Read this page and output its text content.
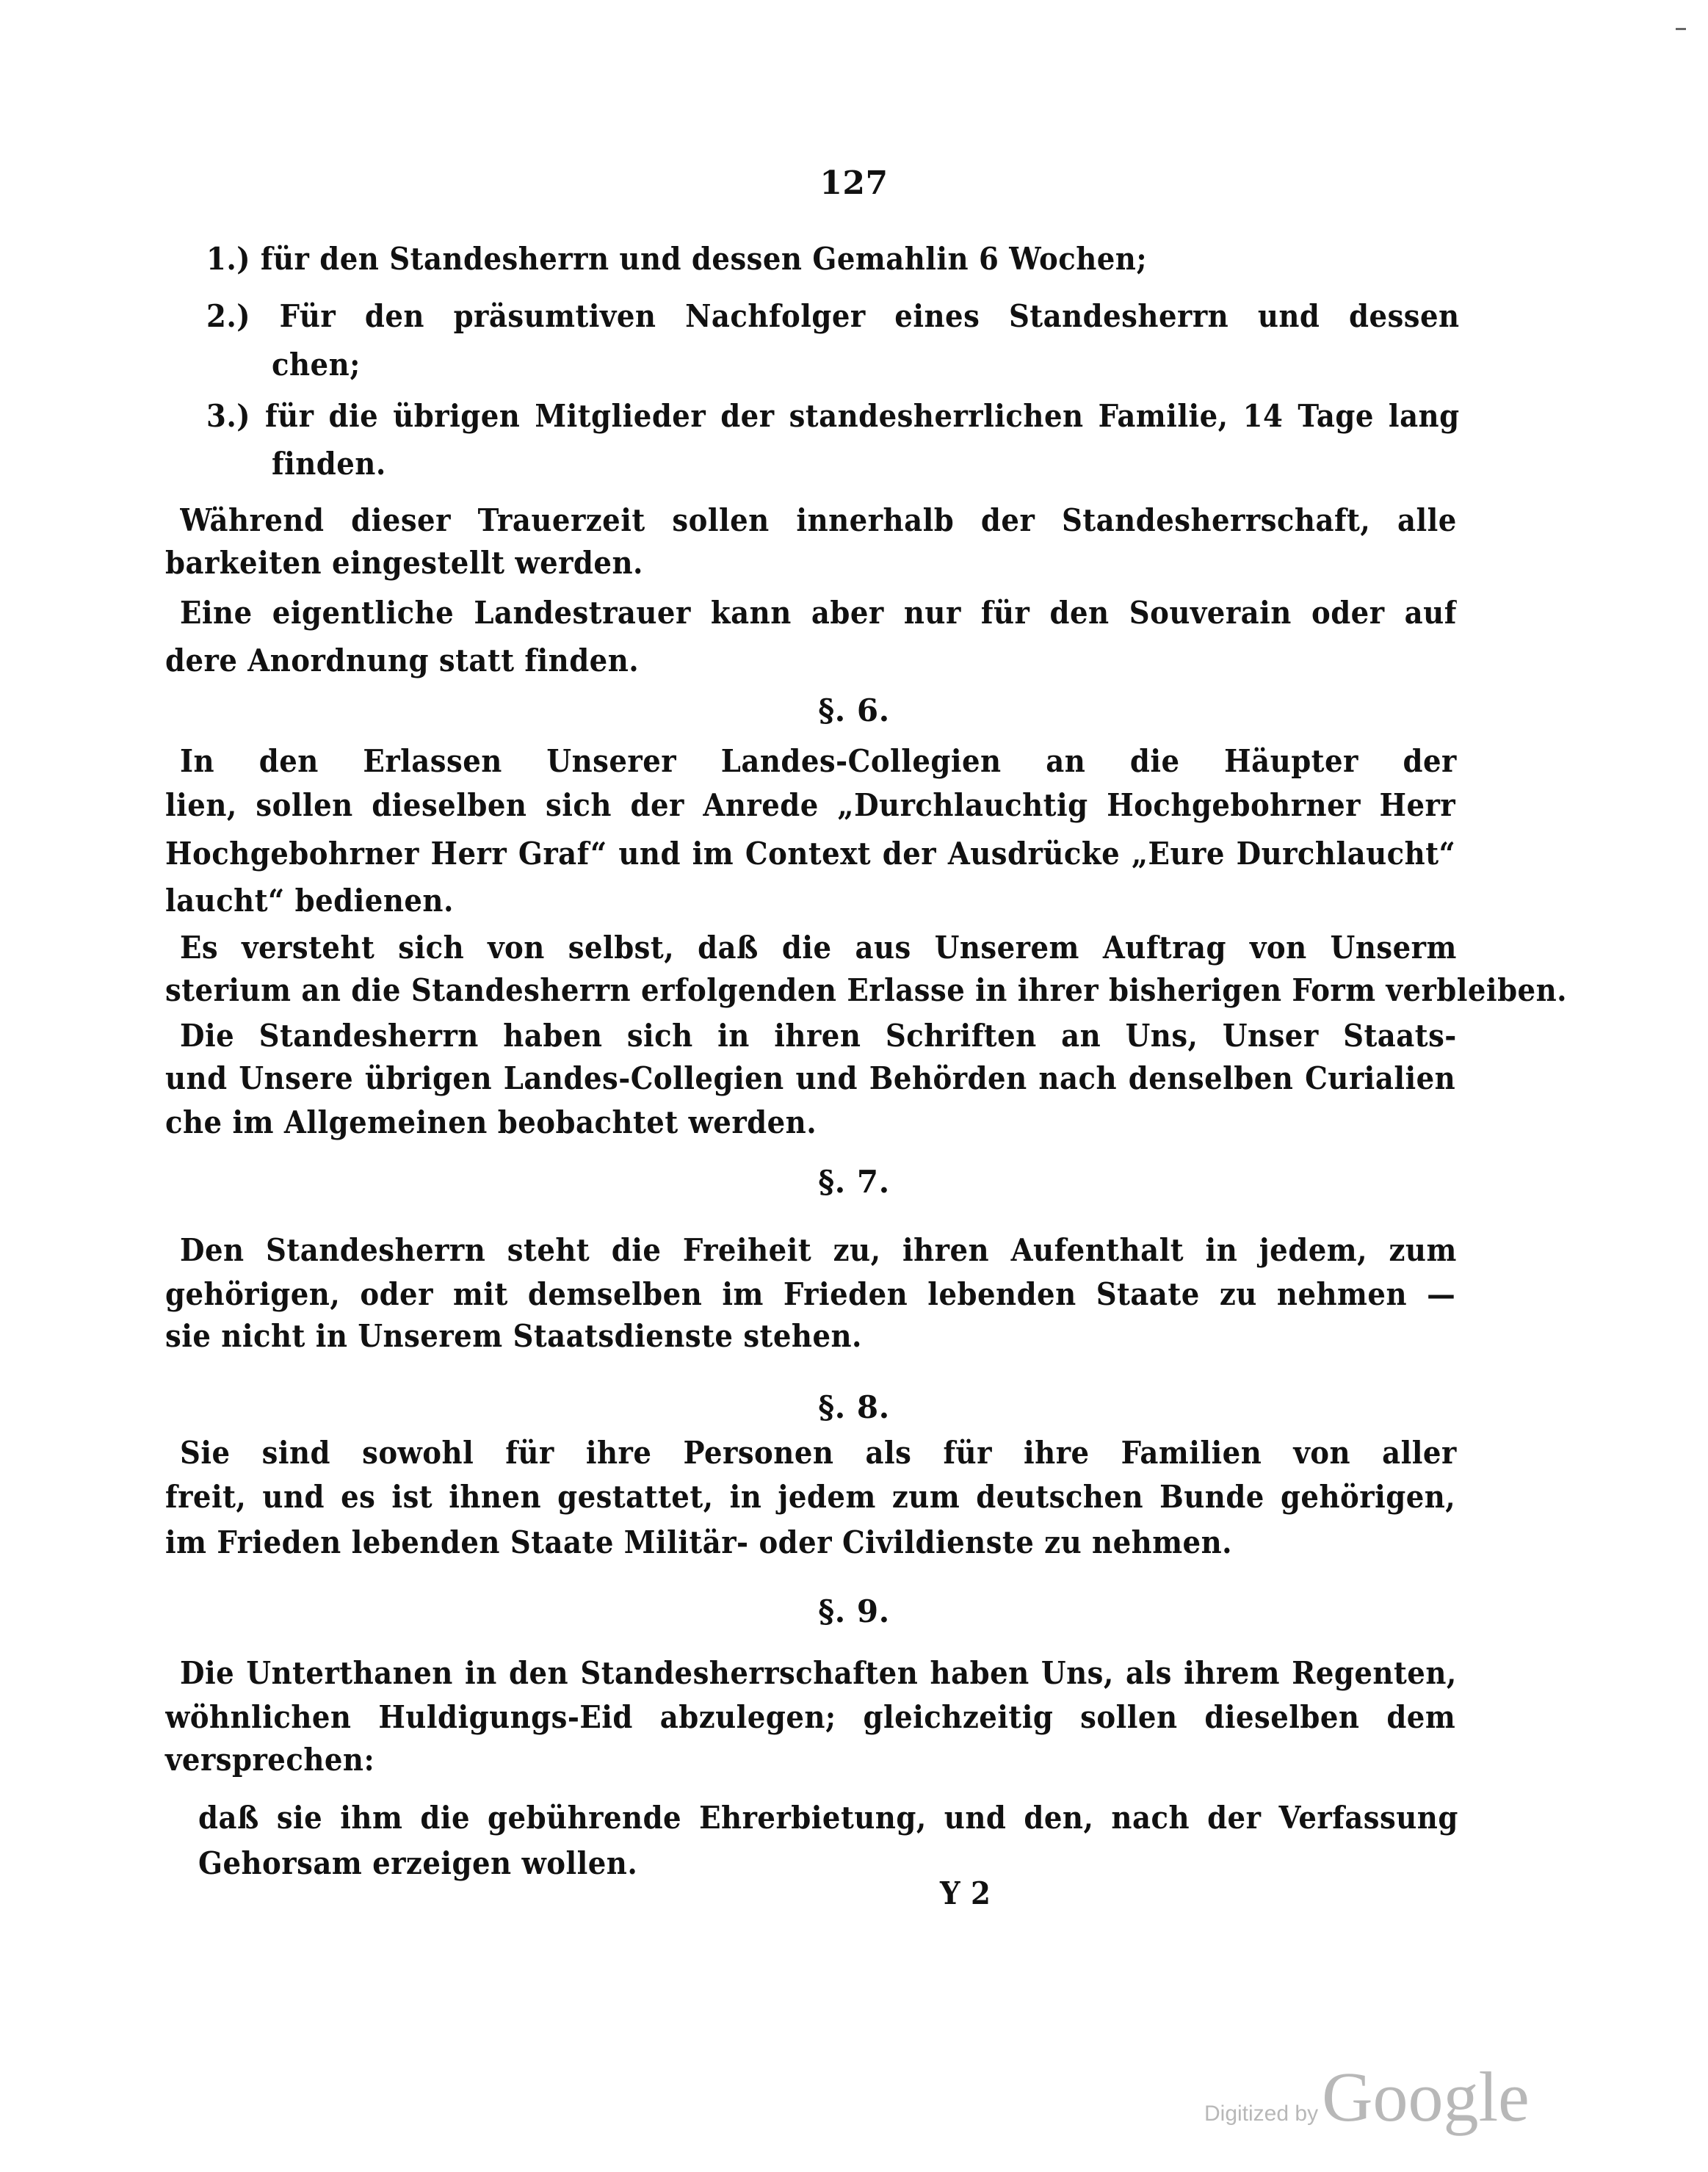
127
1.) für den Standesherrn und dessen Gemahlin 6 Wochen;
2.) Für den präsumtiven Nachfolger eines Standesherrn und dessen
chen;
3.) für die übrigen Mitglieder der standesherrlichen Familie, 14 Tage lang
finden.
Während dieser Trauerzeit sollen innerhalb der Standesherrschaft, alle
barkeiten eingestellt werden.
Eine eigentliche Landestrauer kann aber nur für den Souverain oder auf
dere Anordnung statt finden.
§. 6.
In den Erlassen Unserer Landes-Collegien an die Häupter der
lien, sollen dieselben sich der Anrede „Durchlauchtig Hochgebohrner Herr
Hochgebohrner Herr Graf“ und im Context der Ausdrücke „Eure Durchlaucht“
laucht“ bedienen.
Es versteht sich von selbst, daß die aus Unserem Auftrag von Unserm
sterium an die Standesherrn erfolgenden Erlasse in ihrer bisherigen Form verbleiben.
Die Standesherrn haben sich in ihren Schriften an Uns, Unser Staats-
und Unsere übrigen Landes-Collegien und Behörden nach denselben Curialien
che im Allgemeinen beobachtet werden.
§. 7.
Den Standesherrn steht die Freiheit zu, ihren Aufenthalt in jedem, zum
gehörigen, oder mit demselben im Frieden lebenden Staate zu nehmen —
sie nicht in Unserem Staatsdienste stehen.
§. 8.
Sie sind sowohl für ihre Personen als für ihre Familien von aller
freit, und es ist ihnen gestattet, in jedem zum deutschen Bunde gehörigen,
im Frieden lebenden Staate Militär- oder Civildienste zu nehmen.
§. 9.
Die Unterthanen in den Standesherrschaften haben Uns, als ihrem Regenten,
wöhnlichen Huldigungs-Eid abzulegen; gleichzeitig sollen dieselben dem
versprechen:
daß sie ihm die gebührende Ehrerbietung, und den, nach der Verfassung
Gehorsam erzeigen wollen.
Y 2
Digitized by Google
